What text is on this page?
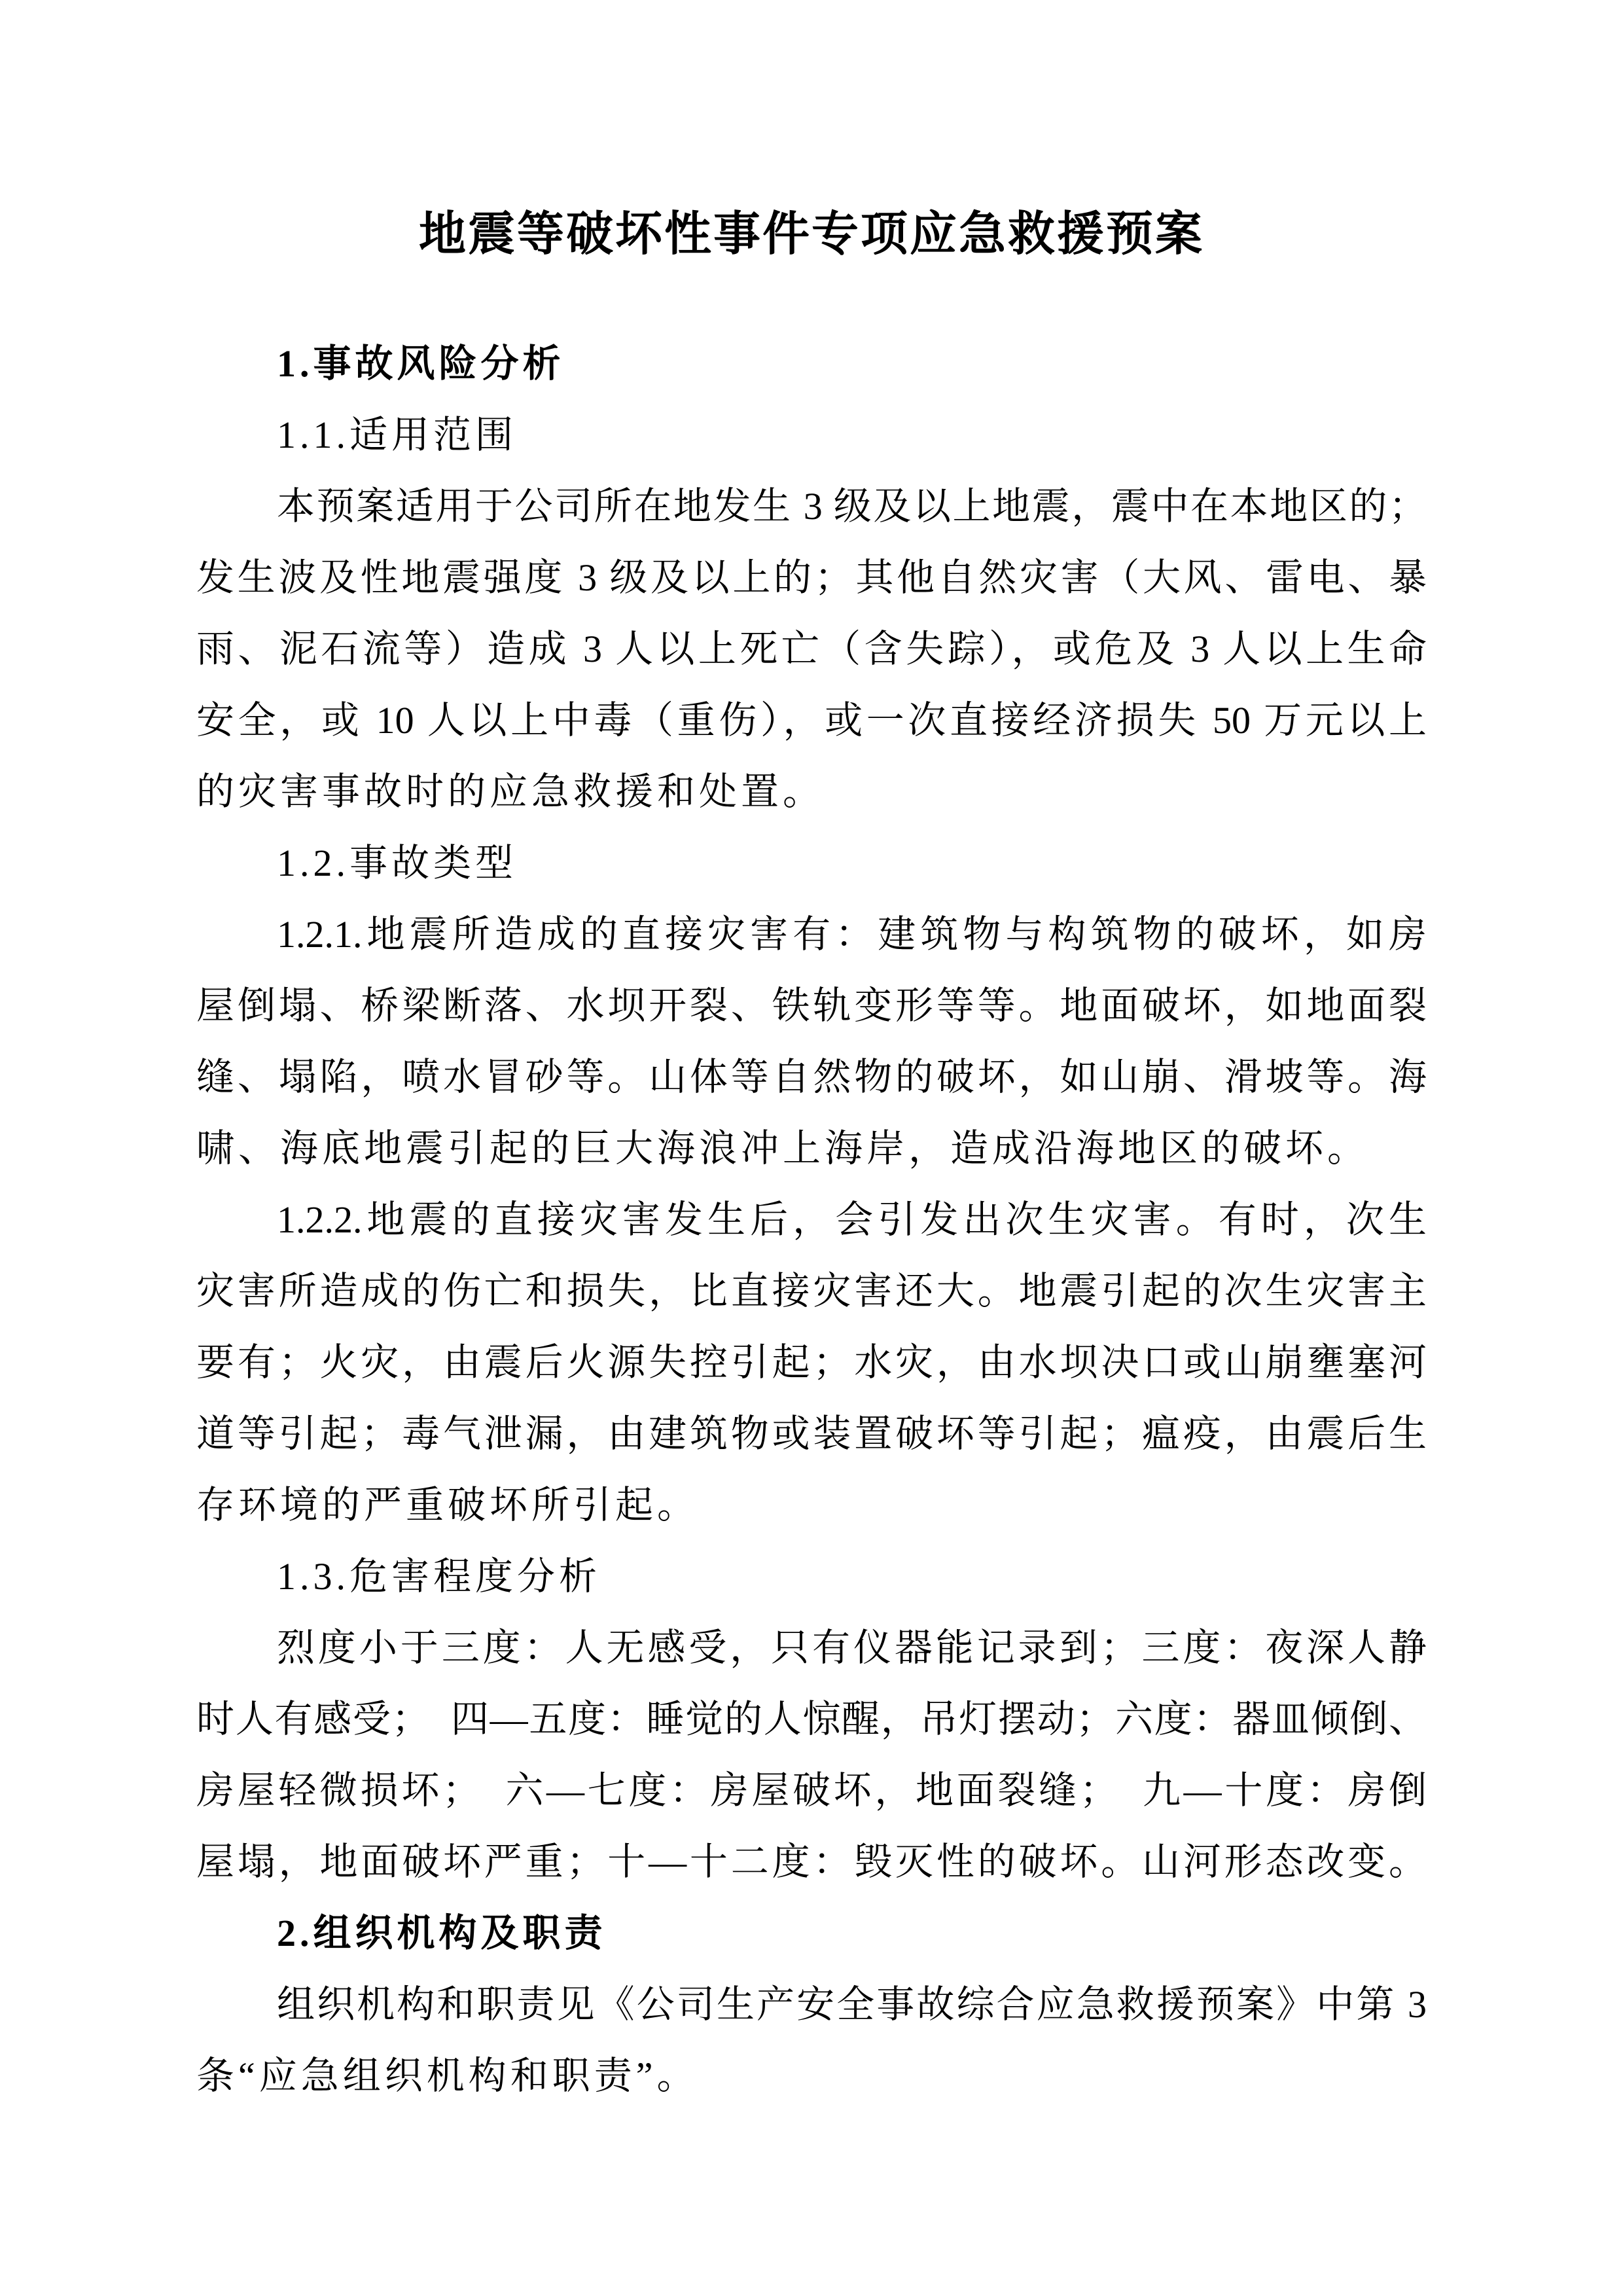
地震等破坏性事件专项应急救援预案

1.事故风险分析

1.1.适用范围

本预案适用于公司所在地发生 3 级及以上地震，震中在本地区的；

发生波及性地震强度 3 级及以上的；其他自然灾害（大风、雷电、暴

雨、泥石流等）造成 3 人以上死亡（含失踪），或危及 3 人以上生命

安全，或 10 人以上中毒（重伤），或一次直接经济损失 50 万元以上

的灾害事故时的应急救援和处置。

1.2.事故类型

1.2.1.地震所造成的直接灾害有：建筑物与构筑物的破坏，如房

屋倒塌、桥梁断落、水坝开裂、铁轨变形等等。地面破坏，如地面裂

缝、塌陷，喷水冒砂等。山体等自然物的破坏，如山崩、滑坡等。海

啸、海底地震引起的巨大海浪冲上海岸，造成沿海地区的破坏。

1.2.2.地震的直接灾害发生后，会引发出次生灾害。有时，次生

灾害所造成的伤亡和损失，比直接灾害还大。地震引起的次生灾害主

要有；火灾，由震后火源失控引起；水灾，由水坝决口或山崩壅塞河

道等引起；毒气泄漏，由建筑物或装置破坏等引起；瘟疫，由震后生

存环境的严重破坏所引起。

1.3.危害程度分析

烈度小于三度：人无感受，只有仪器能记录到；三度：夜深人静

时人有感受；　四—五度：睡觉的人惊醒，吊灯摆动；六度：器皿倾倒、

房屋轻微损坏；　六—七度：房屋破坏，地面裂缝；　九—十度：房倒

屋塌，地面破坏严重；十—十二度：毁灭性的破坏。山河形态改变。

2.组织机构及职责

组织机构和职责见《公司生产安全事故综合应急救援预案》中第 3

条“应急组织机构和职责”。
